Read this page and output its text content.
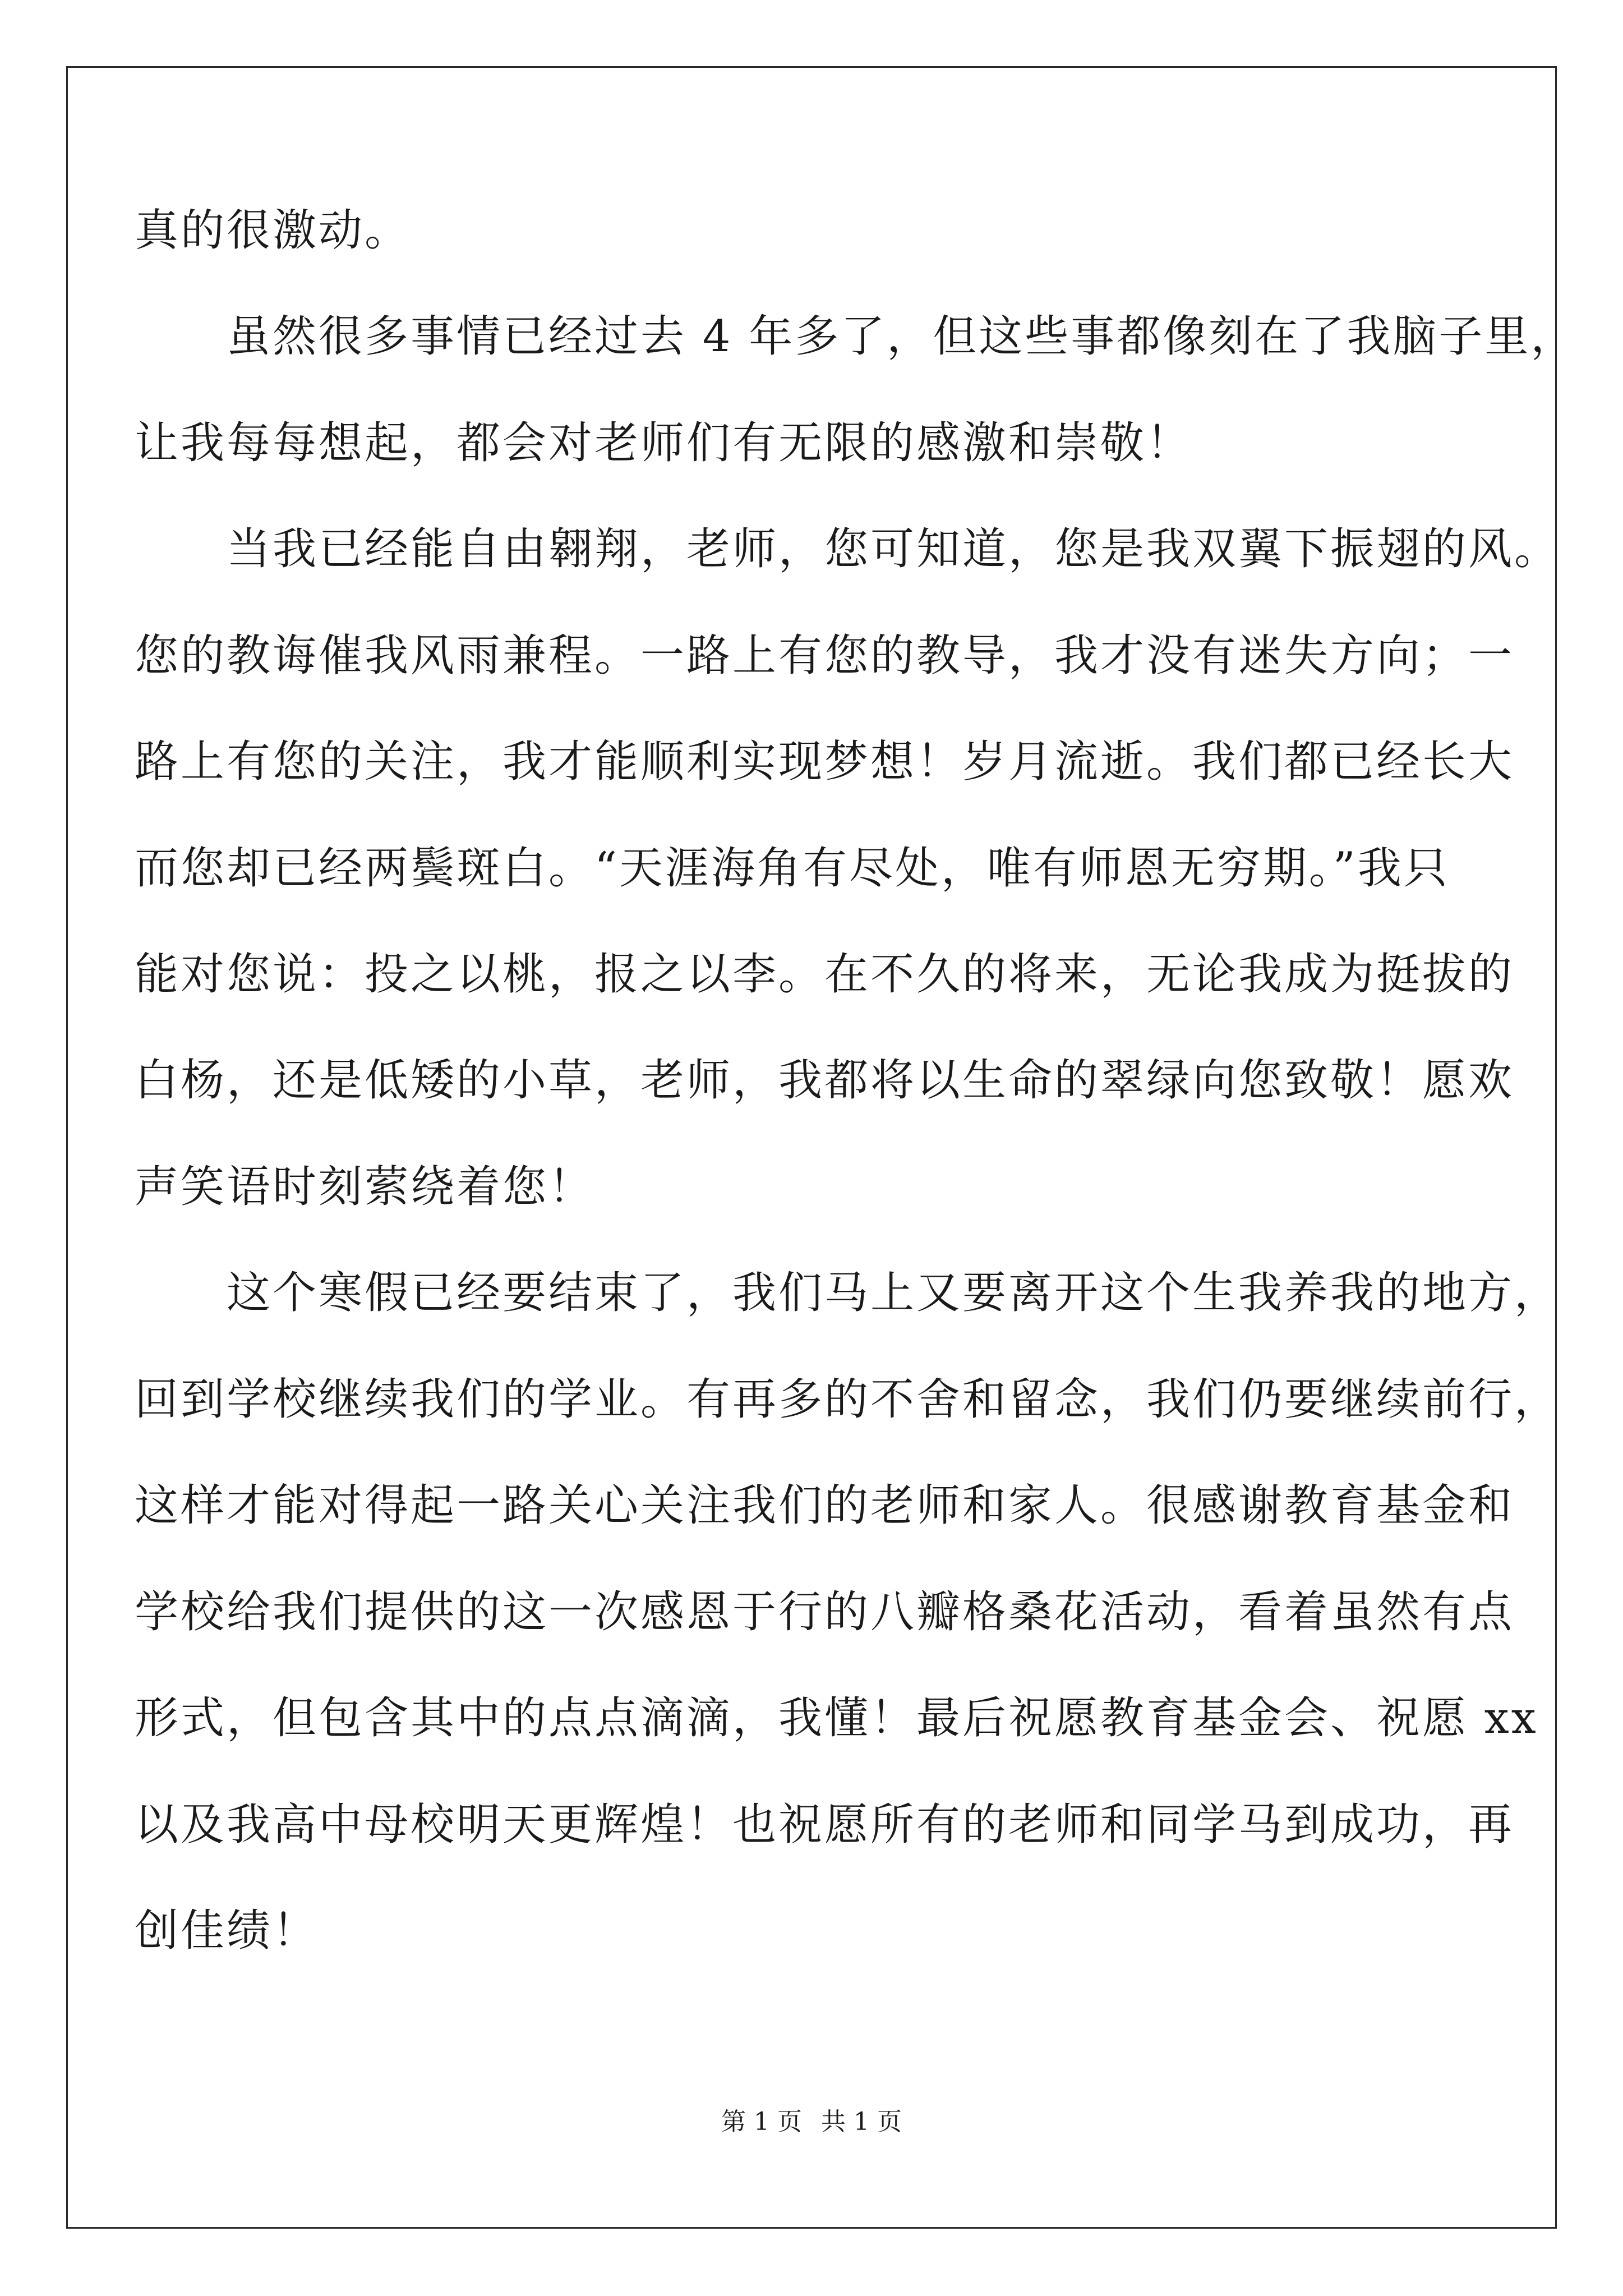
真的很激动。
　　虽然很多事情已经过去 4 年多了，但这些事都像刻在了我脑子里，
让我每每想起，都会对老师们有无限的感激和崇敬！
　　当我已经能自由翱翔，老师，您可知道，您是我双翼下振翅的风。
您的教诲催我风雨兼程。一路上有您的教导，我才没有迷失方向；一
路上有您的关注，我才能顺利实现梦想！岁月流逝。我们都已经长大
而您却已经两鬓斑白。“天涯海角有尽处，唯有师恩无穷期。”我只
能对您说：投之以桃，报之以李。在不久的将来，无论我成为挺拔的
白杨，还是低矮的小草，老师，我都将以生命的翠绿向您致敬！愿欢
声笑语时刻萦绕着您！
　　这个寒假已经要结束了，我们马上又要离开这个生我养我的地方，
回到学校继续我们的学业。有再多的不舍和留念，我们仍要继续前行，
这样才能对得起一路关心关注我们的老师和家人。很感谢教育基金和
学校给我们提供的这一次感恩于行的八瓣格桑花活动，看着虽然有点
形式，但包含其中的点点滴滴，我懂！最后祝愿教育基金会、祝愿 xx
以及我高中母校明天更辉煌！也祝愿所有的老师和同学马到成功，再
创佳绩！
第 1 页 共 1 页
